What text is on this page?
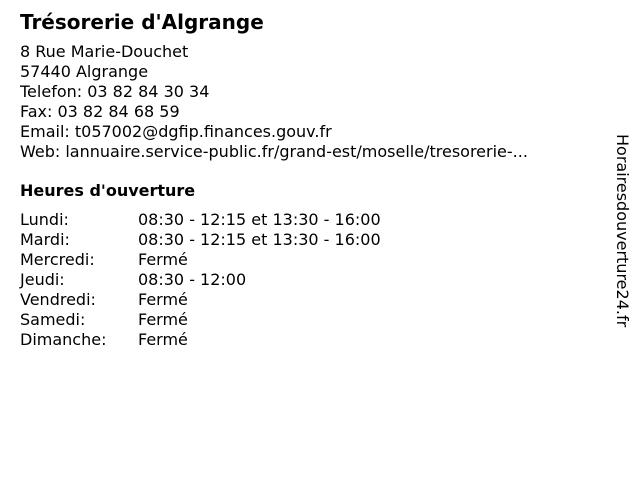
Trésorerie d'Algrange
8 Rue Marie-Douchet
57440 Algrange
Telefon: 03 82 84 30 34
Fax: 03 82 84 68 59
Email: t057002@dgfip.finances.gouv.fr
Web: lannuaire.service-public.fr/grand-est/moselle/tresorerie-...
Heures d'ouverture
Lundi:	08:30 - 12:15 et 13:30 - 16:00
Mardi:	08:30 - 12:15 et 13:30 - 16:00
Mercredi:	Fermé
Jeudi:	08:30 - 12:00
Vendredi:	Fermé
Samedi:	Fermé
Dimanche:	Fermé
Horairesdouverture24.fr
